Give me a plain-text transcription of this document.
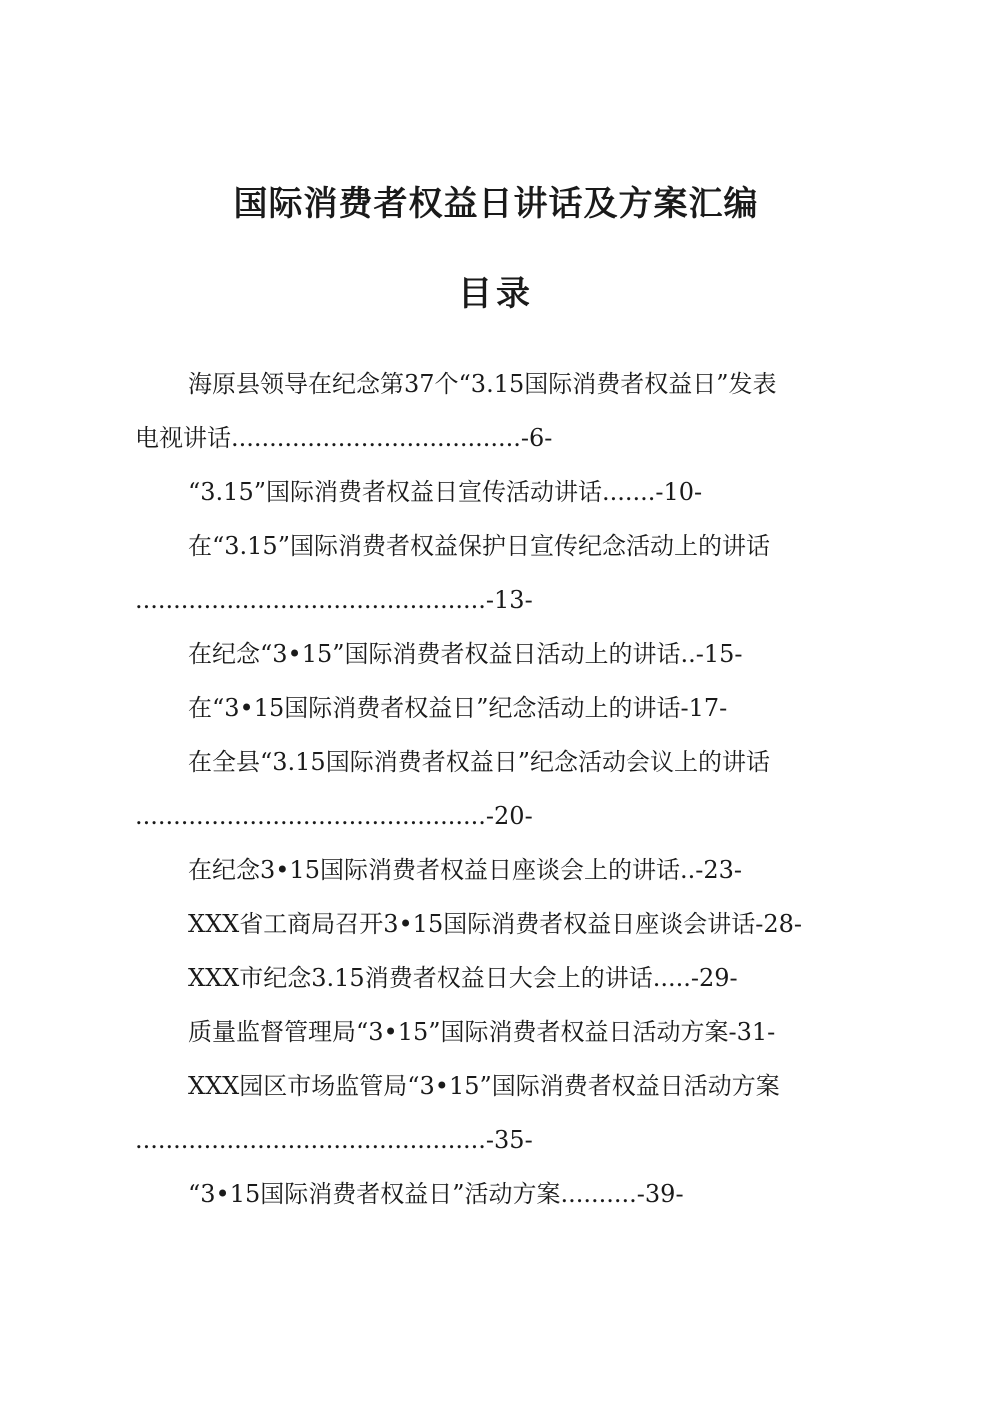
国际消费者权益日讲话及方案汇编
目录
海原县领导在纪念第37个“3.15国际消费者权益日”发表
电视讲话......................................-6-
“3.15”国际消费者权益日宣传活动讲话.......-10-
在“3.15”国际消费者权益保护日宣传纪念活动上的讲话
..............................................-13-
在纪念“3•15”国际消费者权益日活动上的讲话..-15-
在“3•15国际消费者权益日”纪念活动上的讲话-17-
在全县“3.15国际消费者权益日”纪念活动会议上的讲话
..............................................-20-
在纪念3•15国际消费者权益日座谈会上的讲话..-23-
XXX省工商局召开3•15国际消费者权益日座谈会讲话-28-
XXX市纪念3.15消费者权益日大会上的讲话.....-29-
质量监督管理局“3•15”国际消费者权益日活动方案-31-
XXX园区市场监管局“3•15”国际消费者权益日活动方案
..............................................-35-
“3•15国际消费者权益日”活动方案..........-39-
